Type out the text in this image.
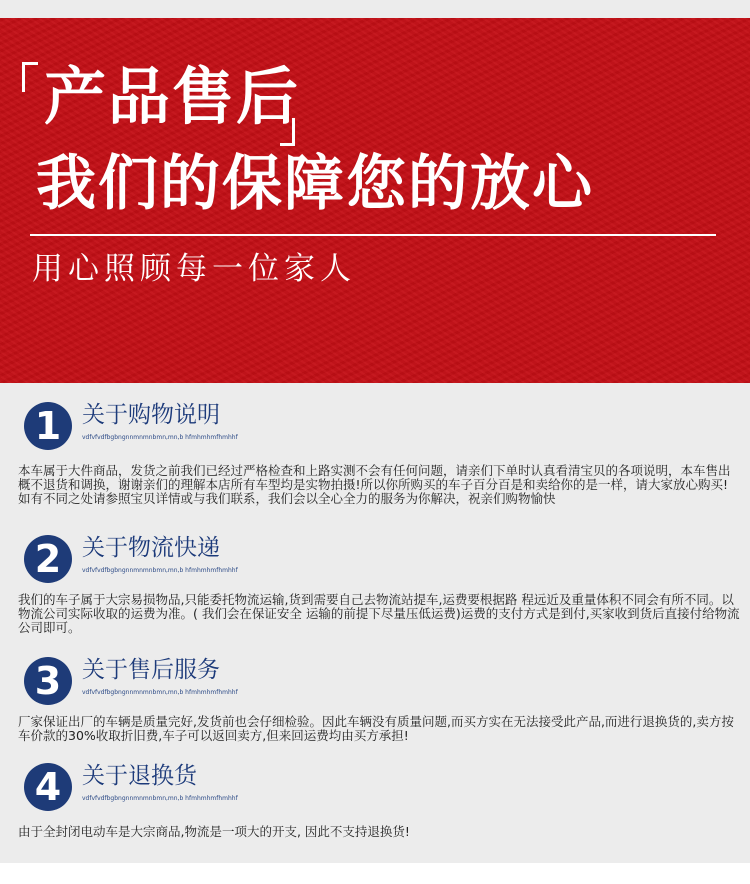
产品售后
我们的保障您的放心
用心照顾每一位家人
1 关于购物说明
vdfvfvdfbgbngnnmnmnbmn,mn,b hfmhmhmfhmhhf

本车属于大件商品，发货之前我们已经过严格检查和上路实测不会有任何问题，请亲们下单时认真看清宝贝的各项说明，本车售出概不退货和调换，谢谢亲们的理解本店所有车型均是实物拍摄!所以你所购买的车子百分百是和卖给你的是一样，请大家放心购买!如有不同之处请参照宝贝详情或与我们联系，我们会以全心全力的服务为你解决，祝亲们购物愉快

2 关于物流快递
vdfvfvdfbgbngnnmnmnbmn,mn,b hfmhmhmfhmhhf

我们的车子属于大宗易损物品,只能委托物流运输,货到需要自己去物流站提车,运费要根据路 程远近及重量体积不同会有所不同。以物流公司实际收取的运费为准。( 我们会在保证安全 运输的前提下尽量压低运费)运费的支付方式是到付,买家收到货后直接付给物流公司即可。

3 关于售后服务
vdfvfvdfbgbngnnmnmnbmn,mn,b hfmhmhmfhmhhf

厂家保证出厂的车辆是质量完好,发货前也会仔细检验。因此车辆没有质量问题,而买方实在无法接受此产品,而进行退换货的,卖方按车价款的30%收取折旧费,车子可以返回卖方,但来回运费均由买方承担!

4 关于退换货
vdfvfvdfbgbngnnmnmnbmn,mn,b hfmhmhmfhmhhf

由于全封闭电动车是大宗商品,物流是一项大的开支, 因此不支持退换货!
